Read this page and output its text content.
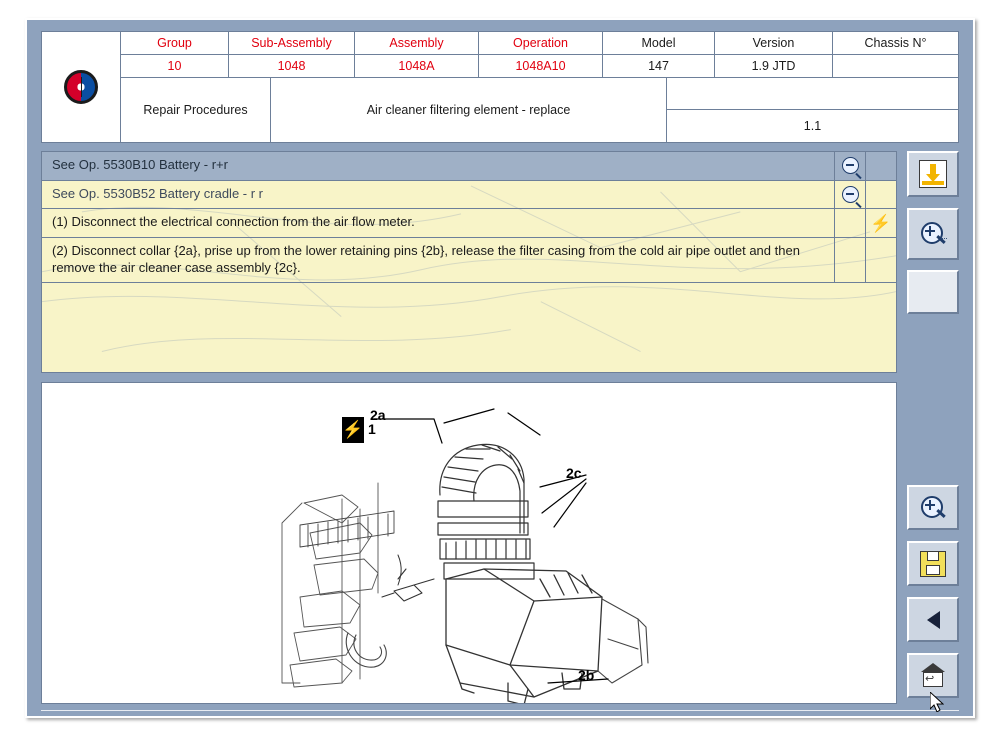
Group	Sub-Assembly	Assembly	Operation	Model	Version	Chassis N°
10	1048	1048A	1048A10	147	1.9 JTD
Repair Procedures	Air cleaner filtering element - replace
1.1
See Op. 5530B10 Battery - r+r
See Op. 5530B52 Battery cradle - r r
(1) Disconnect the electrical connection from the air flow meter.	⚡
(2) Disconnect collar {2a}, prise up from the lower retaining pins {2b}, release the filter casing from the cold air pipe outlet and then remove the air cleaner case assembly {2c}.
2a
⚡ 1
2c
2b
···
↩
